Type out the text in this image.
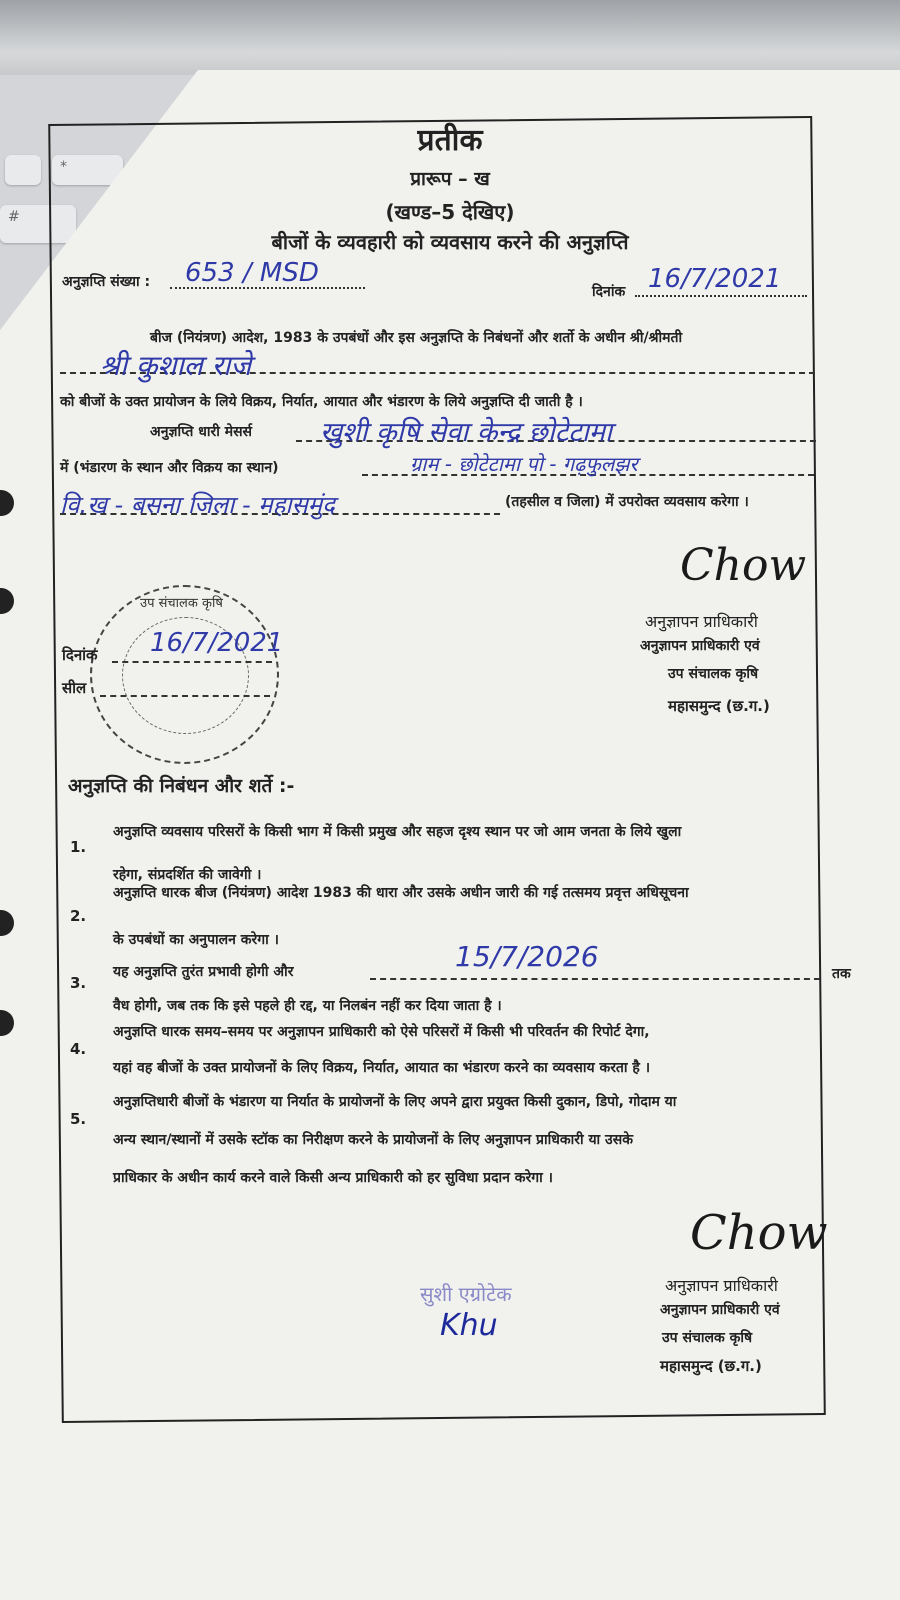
*
#
प्रतीक
प्रारूप – ख
(खण्ड–5 देखिए)
बीजों के व्यवहारी को व्यवसाय करने की अनुज्ञप्ति
अनुज्ञप्ति संख्या : 653 / MSD
दिनांक 16/7/2021
बीज (नियंत्रण) आदेश, 1983 के उपबंधों और इस अनुज्ञप्ति के निबंधनों और शर्तो के अधीन श्री/श्रीमती
श्री कुशाल राजे
को बीजों के उक्त प्रायोजन के लिये विक्रय, निर्यात, आयात और भंडारण के लिये अनुज्ञप्ति दी जाती है ।
अनुज्ञप्ति धारी मेसर्स	खुशी कृषि सेवा केन्द्र छोटेटामा
में (भंडारण के स्थान और विक्रय का स्थान)	ग्राम - छोटेटामा पो - गढ़फुलझर
वि.ख - बसना जिला - महासमुंद	(तहसील व जिला) में उपरोक्त व्यवसाय करेगा ।
उप संचालक कृषि
दिनांक 16/7/2021
सील
Chow
अनुज्ञापन प्राधिकारी
अनुज्ञापन प्राधिकारी एवं
उप संचालक कृषि
महासमुन्द (छ.ग.)
अनुज्ञप्ति की निबंधन और शर्ते :-
1.
अनुज्ञप्ति व्यवसाय परिसरों के किसी भाग में किसी प्रमुख और सहज दृश्य स्थान पर जो आम जनता के लिये खुला
रहेगा, संप्रदर्शित की जावेगी ।
2.
अनुज्ञप्ति धारक बीज (नियंत्रण) आदेश 1983 की धारा और उसके अधीन जारी की गई तत्समय प्रवृत्त अधिसूचना
के उपबंधों का अनुपालन करेगा ।
3.
यह अनुज्ञप्ति तुरंत प्रभावी होगी और	15/7/2026
तक
वैध होगी, जब तक कि इसे पहले ही रद्द, या निलबंन नहीं कर दिया जाता है ।
4.
अनुज्ञप्ति धारक समय–समय पर अनुज्ञापन प्राधिकारी को ऐसे परिसरों में किसी भी परिवर्तन की रिपोर्ट देगा,
यहां वह बीजों के उक्त प्रायोजनों के लिए विक्रय, निर्यात, आयात का भंडारण करने का व्यवसाय करता है ।
5.
अनुज्ञप्तिधारी बीजों के भंडारण या निर्यात के प्रायोजनों के लिए अपने द्वारा प्रयुक्त किसी दुकान, डिपो, गोदाम या
अन्य स्थान/स्थानों में उसके स्टॉक का निरीक्षण करने के प्रायोजनों के लिए अनुज्ञापन प्राधिकारी या उसके
प्राधिकार के अधीन कार्य करने वाले किसी अन्य प्राधिकारी को हर सुविधा प्रदान करेगा ।
सुशी एग्रोटेक
Khu
Chow
अनुज्ञापन प्राधिकारी
अनुज्ञापन प्राधिकारी एवं
उप संचालक कृषि
महासमुन्द (छ.ग.)
